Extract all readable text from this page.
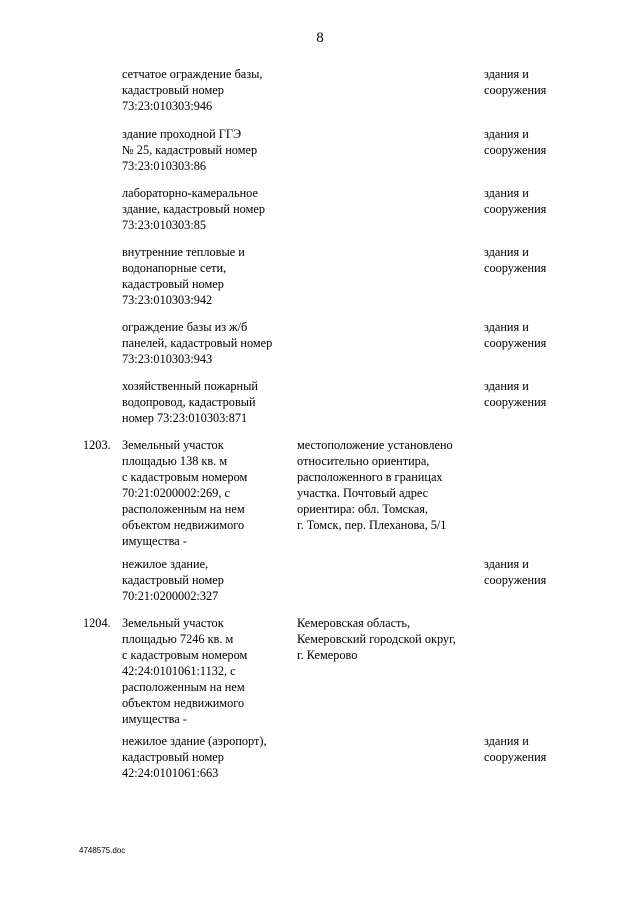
8
сетчатое ограждение базы,
кадастровый номер
73:23:010303:946
здания и
сооружения
здание проходной ГГЭ
№ 25, кадастровый номер
73:23:010303:86
здания и
сооружения
лабораторно-камеральное
здание, кадастровый номер
73:23:010303:85
здания и
сооружения
внутренние тепловые и
водонапорные сети,
кадастровый номер
73:23:010303:942
здания и
сооружения
ограждение базы из ж/б
панелей, кадастровый номер
73:23:010303:943
здания и
сооружения
хозяйственный пожарный
водопровод, кадастровый
номер 73:23:010303:871
здания и
сооружения
1203. Земельный участок
площадью 138 кв. м
с кадастровым номером
70:21:0200002:269, с
расположенным на нем
объектом недвижимого
имущества -
местоположение установлено
относительно ориентира,
расположенного в границах
участка. Почтовый адрес
ориентира: обл. Томская,
г. Томск, пер. Плеханова, 5/1
нежилое здание,
кадастровый номер
70:21:0200002:327
здания и
сооружения
1204. Земельный участок
площадью 7246 кв. м
с кадастровым номером
42:24:0101061:1132, с
расположенным на нем
объектом недвижимого
имущества -
Кемеровская область,
Кемеровский городской округ,
г. Кемерово
нежилое здание (аэропорт),
кадастровый номер
42:24:0101061:663
здания и
сооружения
4748575.doc
